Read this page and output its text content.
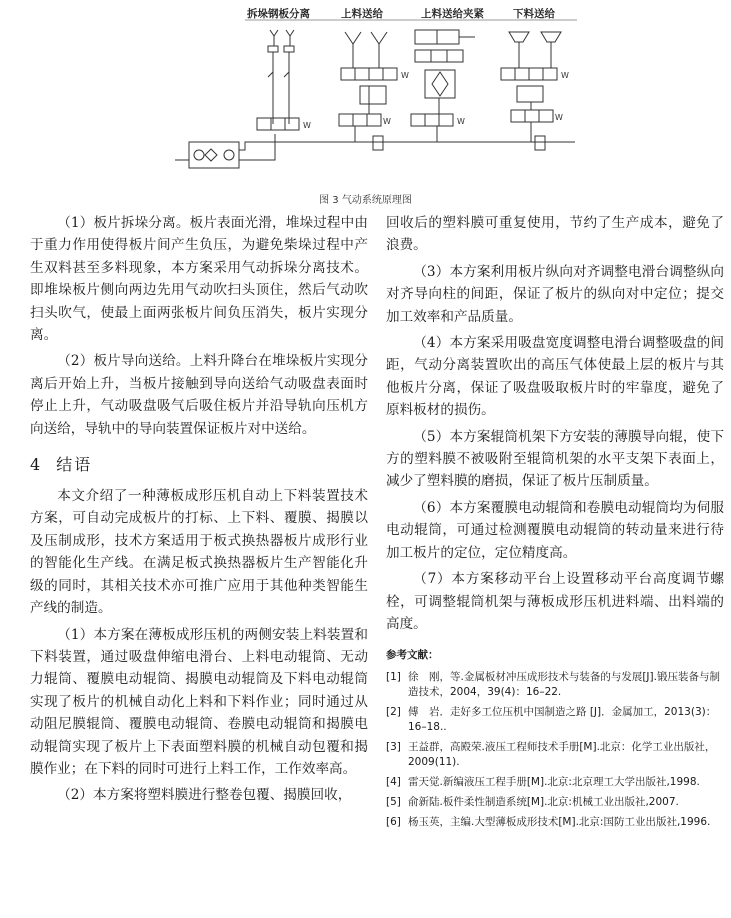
拆垛钢板分离	上料送给	上料送给夹紧	下料送给
W
W
W	W
W
W
图 3 气动系统原理图

（1）板片拆垛分离。板片表面光滑，堆垛过程中由于重力作用使得板片间产生负压，为避免柴垛过程中产生双料甚至多料现象，本方案采用气动拆垛分离技术。即堆垛板片侧向两边先用气动吹扫头顶住，然后气动吹扫头吹气，使最上面两张板片间负压消失，板片实现分离。

（2）板片导向送给。上料升降台在堆垛板片实现分离后开始上升，当板片接触到导向送给气动吸盘表面时停止上升，气动吸盘吸气后吸住板片并沿导轨向压机方向送给，导轨中的导向装置保证板片对中送给。

4 结语

本文介绍了一种薄板成形压机自动上下料装置技术方案，可自动完成板片的打标、上下料、覆膜、揭膜以及压制成形，技术方案适用于板式换热器板片成形行业的智能化生产线。在满足板式换热器板片生产智能化升级的同时，其相关技术亦可推广应用于其他种类智能生产线的制造。

（1）本方案在薄板成形压机的两侧安装上料装置和下料装置，通过吸盘伸缩电滑台、上料电动辊筒、无动力辊筒、覆膜电动辊筒、揭膜电动辊筒及下料电动辊筒实现了板片的机械自动化上料和下料作业；同时通过从动阻尼膜辊筒、覆膜电动辊筒、卷膜电动辊筒和揭膜电动辊筒实现了板片上下表面塑料膜的机械自动包覆和揭膜作业；在下料的同时可进行上料工作，工作效率高。

（2）本方案将塑料膜进行整卷包覆、揭膜回收，

回收后的塑料膜可重复使用，节约了生产成本，避免了浪费。

（3）本方案利用板片纵向对齐调整电滑台调整纵向对齐导向柱的间距，保证了板片的纵向对中定位；提交加工效率和产品质量。

（4）本方案采用吸盘宽度调整电滑台调整吸盘的间距，气动分离装置吹出的高压气体使最上层的板片与其他板片分离，保证了吸盘吸取板片时的牢靠度，避免了原料板材的损伤。

（5）本方案辊筒机架下方安装的薄膜导向辊，使下方的塑料膜不被吸附至辊筒机架的水平支架下表面上，减少了塑料膜的磨损，保证了板片压制质量。

（6）本方案覆膜电动辊筒和卷膜电动辊筒均为伺服电动辊筒，可通过检测覆膜电动辊筒的转动量来进行待加工板片的定位，定位精度高。

（7）本方案移动平台上设置移动平台高度调节螺栓，可调整辊筒机架与薄板成形压机进料端、出料端的高度。

参考文献：
[1] 徐　刚，等.金属板材冲压成形技术与装备的与发展[J].锻压装备与制造技术，2004，39(4)：16–22.
[2] 傅　岩．走好多工位压机中国制造之路 [J]．金属加工，2013(3)：16–18..
[3] 王益群，高殿荣.液压工程师技术手册[M].北京：化学工业出版社，2009(11).
[4] 雷天觉.新编液压工程手册[M].北京:北京理工大学出版社,1998.
[5] 俞新陆.板件柔性制造系统[M].北京:机械工业出版社,2007.
[6] 杨玉英，主编.大型薄板成形技术[M].北京:国防工业出版社,1996.
